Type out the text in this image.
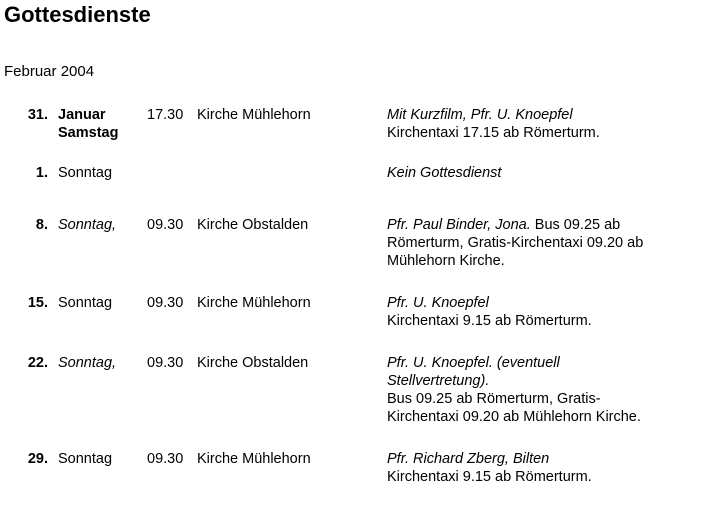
Gottesdienste
Februar 2004
31. Januar
Samstag
17.30 Kirche Mühlehorn	Mit Kurzfilm, Pfr. U. Knoepfel
Kirchentaxi 17.15 ab Römerturm.
1. Sonntag	Kein Gottesdienst
8. Sonntag, 09.30 Kirche Obstalden	Pfr. Paul Binder, Jona. Bus 09.25 ab
Römerturm, Gratis-Kirchentaxi 09.20 ab
Mühlehorn Kirche.
15. Sonntag 09.30 Kirche Mühlehorn	Pfr. U. Knoepfel
Kirchentaxi 9.15 ab Römerturm.
22. Sonntag, 09.30 Kirche Obstalden	Pfr. U. Knoepfel. (eventuell
Stellvertretung).
Bus 09.25 ab Römerturm, Gratis-
Kirchentaxi 09.20 ab Mühlehorn Kirche.
29. Sonntag 09.30 Kirche Mühlehorn	Pfr. Richard Zberg, Bilten
Kirchentaxi 9.15 ab Römerturm.
